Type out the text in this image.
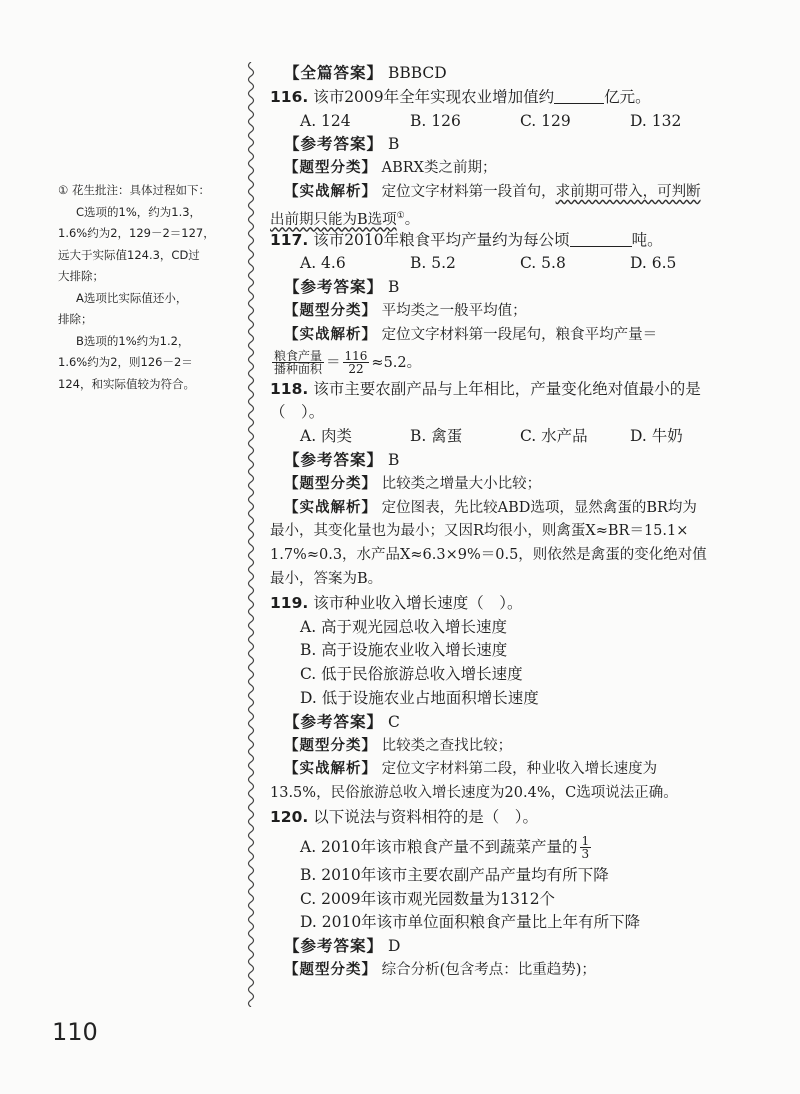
① 花生批注：具体过程如下：

C选项的1%，约为1.3，

1.6%约为2，129－2＝127，

远大于实际值124.3，CD过

大排除；

A选项比实际值还小，

排除；

B选项的1%约为1.2，

1.6%约为2，则126－2＝

124，和实际值较为符合。

【全篇答案】 BBBCD
116. 该市2009年全年实现农业增加值约	亿元。
A. 124	B. 126	C. 129	D. 132
【参考答案】 B
【题型分类】 ABRX类之前期；
【实战解析】 定位文字材料第一段首句，求前期可带入，可判断
出前期只能为B选项①。
117. 该市2010年粮食平均产量约为每公顷	吨。
A. 4.6	B. 5.2	C. 5.8	D. 6.5
【参考答案】 B
【题型分类】 平均类之一般平均值；
【实战解析】 定位文字材料第一段尾句，粮食平均产量＝
$\frac{\text{粮食产量}}{\text{播种面积}} = \frac{116}{22} \approx 5.2$。
118. 该市主要农副产品与上年相比，产量变化绝对值最小的是
（　）。
A. 肉类	B. 禽蛋	C. 水产品	D. 牛奶
【参考答案】 B
【题型分类】 比较类之增量大小比较；
【实战解析】 定位图表，先比较ABD选项，显然禽蛋的BR均为
最小，其变化量也为最小；又因R均很小，则禽蛋X≈BR＝15.1×
1.7%≈0.3，水产品X≈6.3×9%＝0.5，则依然是禽蛋的变化绝对值
最小，答案为B。
119. 该市种业收入增长速度（　）。
A. 高于观光园总收入增长速度
B. 高于设施农业收入增长速度
C. 低于民俗旅游总收入增长速度
D. 低于设施农业占地面积增长速度
【参考答案】 C
【题型分类】 比较类之查找比较；
【实战解析】 定位文字材料第二段，种业收入增长速度为
13.5%，民俗旅游总收入增长速度为20.4%，C选项说法正确。
120. 以下说法与资料相符的是（　）。
A. 2010年该市粮食产量不到蔬菜产量的 $\frac{1}{3}$
B. 2010年该市主要农副产品产量均有所下降
C. 2009年该市观光园数量为1312个
D. 2010年该市单位面积粮食产量比上年有所下降
【参考答案】 D
【题型分类】 综合分析(包含考点：比重趋势)；
110
